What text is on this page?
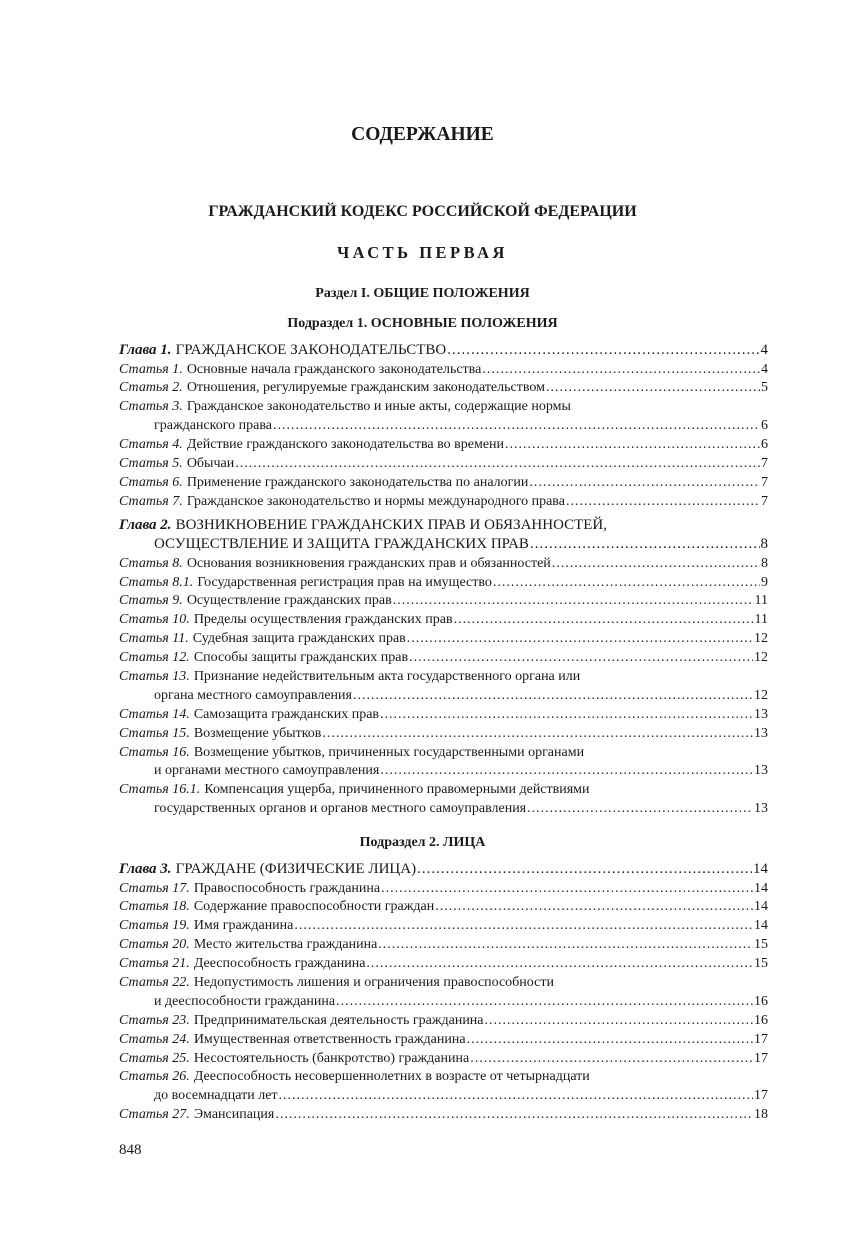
СОДЕРЖАНИЕ
ГРАЖДАНСКИЙ КОДЕКС РОССИЙСКОЙ ФЕДЕРАЦИИ
ЧАСТЬ ПЕРВАЯ
Раздел I. ОБЩИЕ ПОЛОЖЕНИЯ
Подраздел 1. ОСНОВНЫЕ ПОЛОЖЕНИЯ
Глава 1. ГРАЖДАНСКОЕ ЗАКОНОДАТЕЛЬСТВО .....	4
Статья 1. Основные начала гражданского законодательства .....	4
Статья 2. Отношения, регулируемые гражданским законодательством .....	5
Статья 3. Гражданское законодательство и иные акты, содержащие нормы
гражданского права .....	6
Статья 4. Действие гражданского законодательства во времени .....	6
Статья 5. Обычаи .....	7
Статья 6. Применение гражданского законодательства по аналогии .....	7
Статья 7. Гражданское законодательство и нормы международного права .....	7
Глава 2. ВОЗНИКНОВЕНИЕ ГРАЖДАНСКИХ ПРАВ И ОБЯЗАННОСТЕЙ,
ОСУЩЕСТВЛЕНИЕ И ЗАЩИТА ГРАЖДАНСКИХ ПРАВ .....	8
Статья 8. Основания возникновения гражданских прав и обязанностей .....	8
Статья 8.1. Государственная регистрация прав на имущество .....	9
Статья 9. Осуществление гражданских прав .....	11
Статья 10. Пределы осуществления гражданских прав .....	11
Статья 11. Судебная защита гражданских прав .....	12
Статья 12. Способы защиты гражданских прав .....	12
Статья 13. Признание недействительным акта государственного органа или
органа местного самоуправления .....	12
Статья 14. Самозащита гражданских прав .....	13
Статья 15. Возмещение убытков .....	13
Статья 16. Возмещение убытков, причиненных государственными органами
и органами местного самоуправления .....	13
Статья 16.1. Компенсация ущерба, причиненного правомерными действиями
государственных органов и органов местного самоуправления .....	13
Подраздел 2. ЛИЦА
Глава 3. ГРАЖДАНЕ (ФИЗИЧЕСКИЕ ЛИЦА) .....	14
Статья 17. Правоспособность гражданина .....	14
Статья 18. Содержание правоспособности граждан .....	14
Статья 19. Имя гражданина .....	14
Статья 20. Место жительства гражданина .....	15
Статья 21. Дееспособность гражданина .....	15
Статья 22. Недопустимость лишения и ограничения правоспособности
и дееспособности гражданина .....	16
Статья 23. Предпринимательская деятельность гражданина .....	16
Статья 24. Имущественная ответственность гражданина .....	17
Статья 25. Несостоятельность (банкротство) гражданина .....	17
Статья 26. Дееспособность несовершеннолетних в возрасте от четырнадцати
до восемнадцати лет .....	17
Статья 27. Эмансипация .....	18
848
